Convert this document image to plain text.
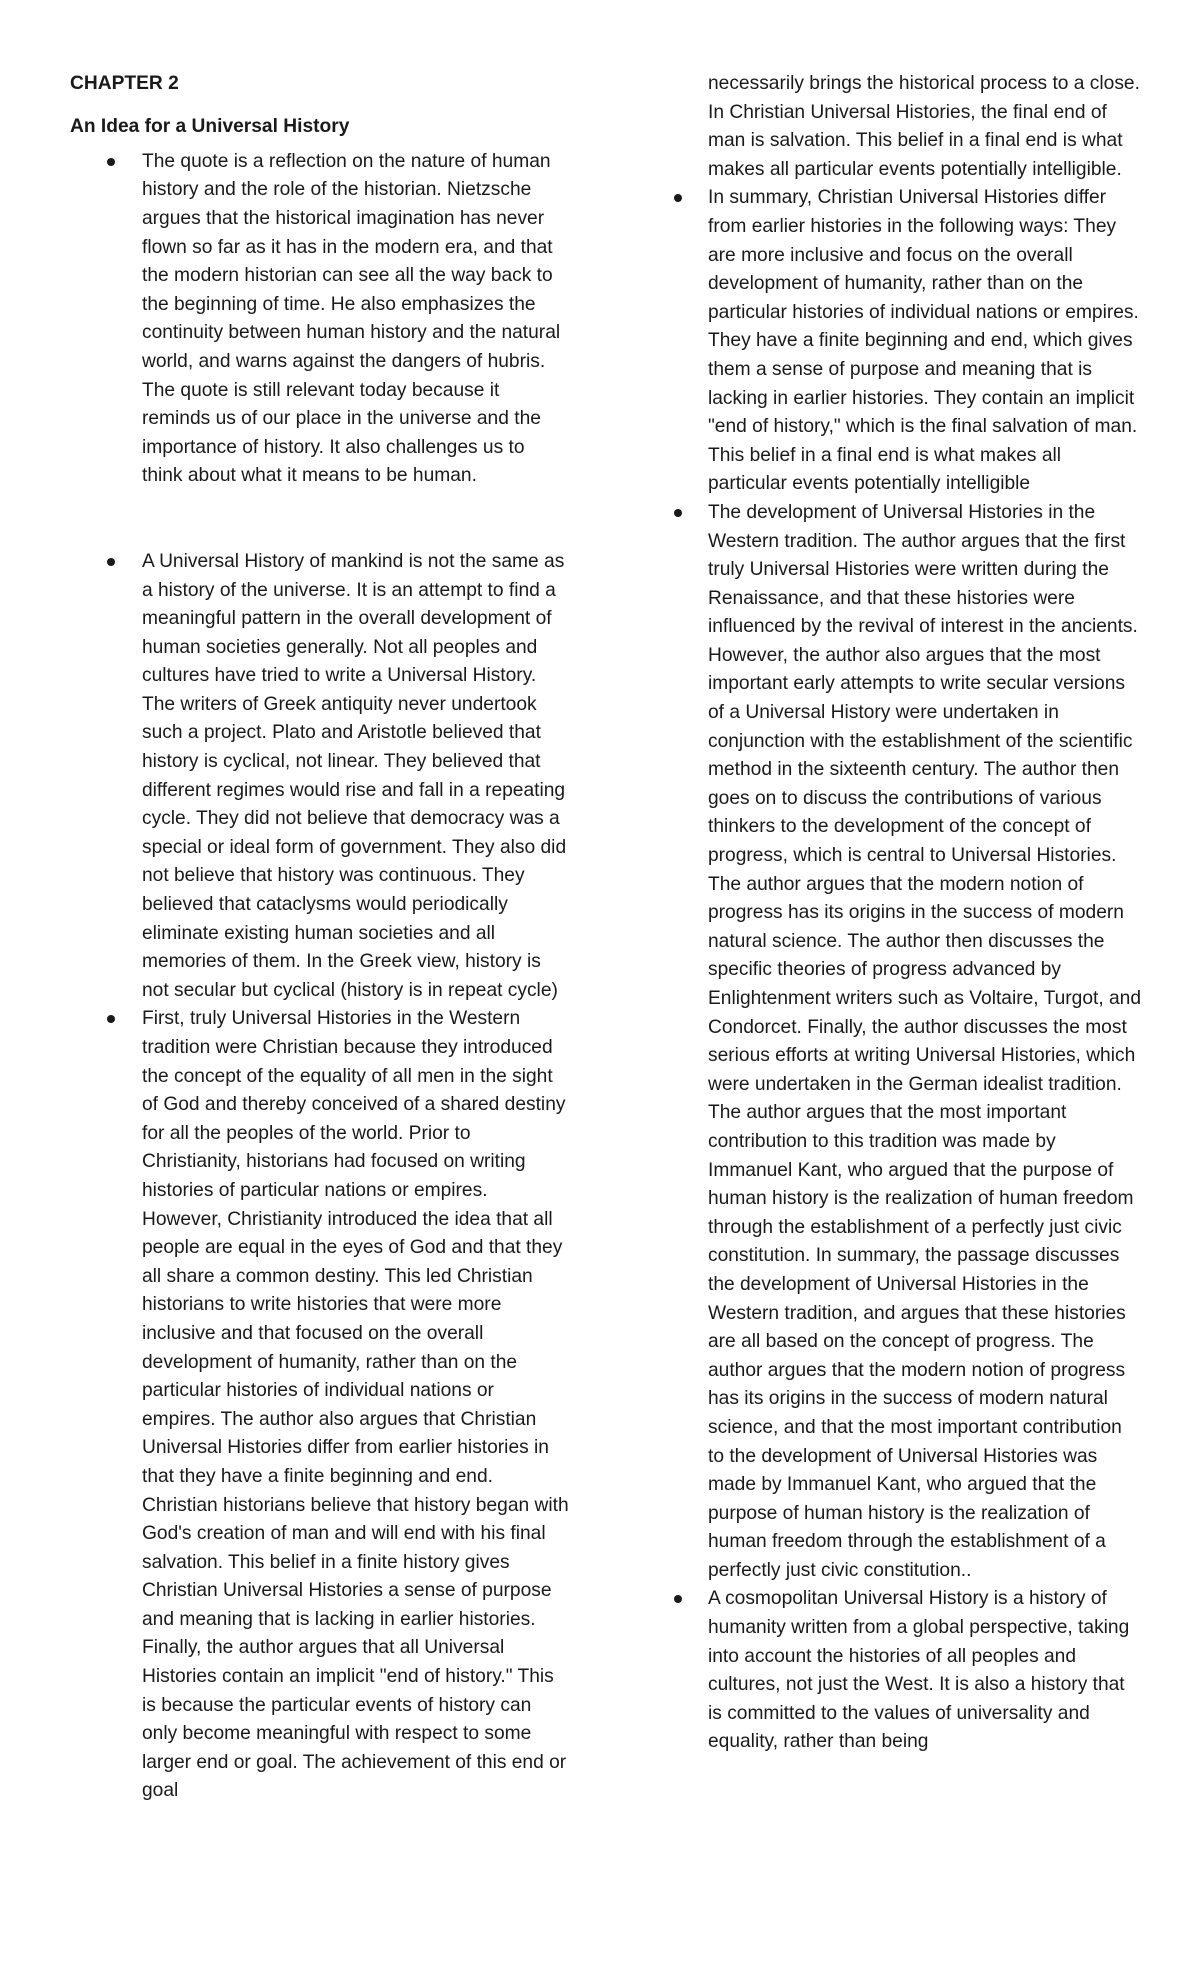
CHAPTER 2
An Idea for a Universal History
The quote is a reflection on the nature of human history and the role of the historian. Nietzsche argues that the historical imagination has never flown so far as it has in the modern era, and that the modern historian can see all the way back to the beginning of time. He also emphasizes the continuity between human history and the natural world, and warns against the dangers of hubris. The quote is still relevant today because it reminds us of our place in the universe and the importance of history. It also challenges us to think about what it means to be human.
A Universal History of mankind is not the same as a history of the universe. It is an attempt to find a meaningful pattern in the overall development of human societies generally. Not all peoples and cultures have tried to write a Universal History. The writers of Greek antiquity never undertook such a project. Plato and Aristotle believed that history is cyclical, not linear. They believed that different regimes would rise and fall in a repeating cycle. They did not believe that democracy was a special or ideal form of government. They also did not believe that history was continuous. They believed that cataclysms would periodically eliminate existing human societies and all memories of them. In the Greek view, history is not secular but cyclical (history is in repeat cycle)
First, truly Universal Histories in the Western tradition were Christian because they introduced the concept of the equality of all men in the sight of God and thereby conceived of a shared destiny for all the peoples of the world. Prior to Christianity, historians had focused on writing histories of particular nations or empires. However, Christianity introduced the idea that all people are equal in the eyes of God and that they all share a common destiny. This led Christian historians to write histories that were more inclusive and that focused on the overall development of humanity, rather than on the particular histories of individual nations or empires. The author also argues that Christian Universal Histories differ from earlier histories in that they have a finite beginning and end. Christian historians believe that history began with God's creation of man and will end with his final salvation. This belief in a finite history gives Christian Universal Histories a sense of purpose and meaning that is lacking in earlier histories. Finally, the author argues that all Universal Histories contain an implicit "end of history." This is because the particular events of history can only become meaningful with respect to some larger end or goal. The achievement of this end or goal

necessarily brings the historical process to a close. In Christian Universal Histories, the final end of man is salvation. This belief in a final end is what makes all particular events potentially intelligible.

In summary, Christian Universal Histories differ from earlier histories in the following ways: They are more inclusive and focus on the overall development of humanity, rather than on the particular histories of individual nations or empires. They have a finite beginning and end, which gives them a sense of purpose and meaning that is lacking in earlier histories. They contain an implicit "end of history," which is the final salvation of man. This belief in a final end is what makes all particular events potentially intelligible
The development of Universal Histories in the Western tradition. The author argues that the first truly Universal Histories were written during the Renaissance, and that these histories were influenced by the revival of interest in the ancients. However, the author also argues that the most important early attempts to write secular versions of a Universal History were undertaken in conjunction with the establishment of the scientific method in the sixteenth century. The author then goes on to discuss the contributions of various thinkers to the development of the concept of progress, which is central to Universal Histories. The author argues that the modern notion of progress has its origins in the success of modern natural science. The author then discusses the specific theories of progress advanced by Enlightenment writers such as Voltaire, Turgot, and Condorcet. Finally, the author discusses the most serious efforts at writing Universal Histories, which were undertaken in the German idealist tradition. The author argues that the most important contribution to this tradition was made by Immanuel Kant, who argued that the purpose of human history is the realization of human freedom through the establishment of a perfectly just civic constitution. In summary, the passage discusses the development of Universal Histories in the Western tradition, and argues that these histories are all based on the concept of progress. The author argues that the modern notion of progress has its origins in the success of modern natural science, and that the most important contribution to the development of Universal Histories was made by Immanuel Kant, who argued that the purpose of human history is the realization of human freedom through the establishment of a perfectly just civic constitution..
A cosmopolitan Universal History is a history of humanity written from a global perspective, taking into account the histories of all peoples and cultures, not just the West. It is also a history that is committed to the values of universality and equality, rather than being
